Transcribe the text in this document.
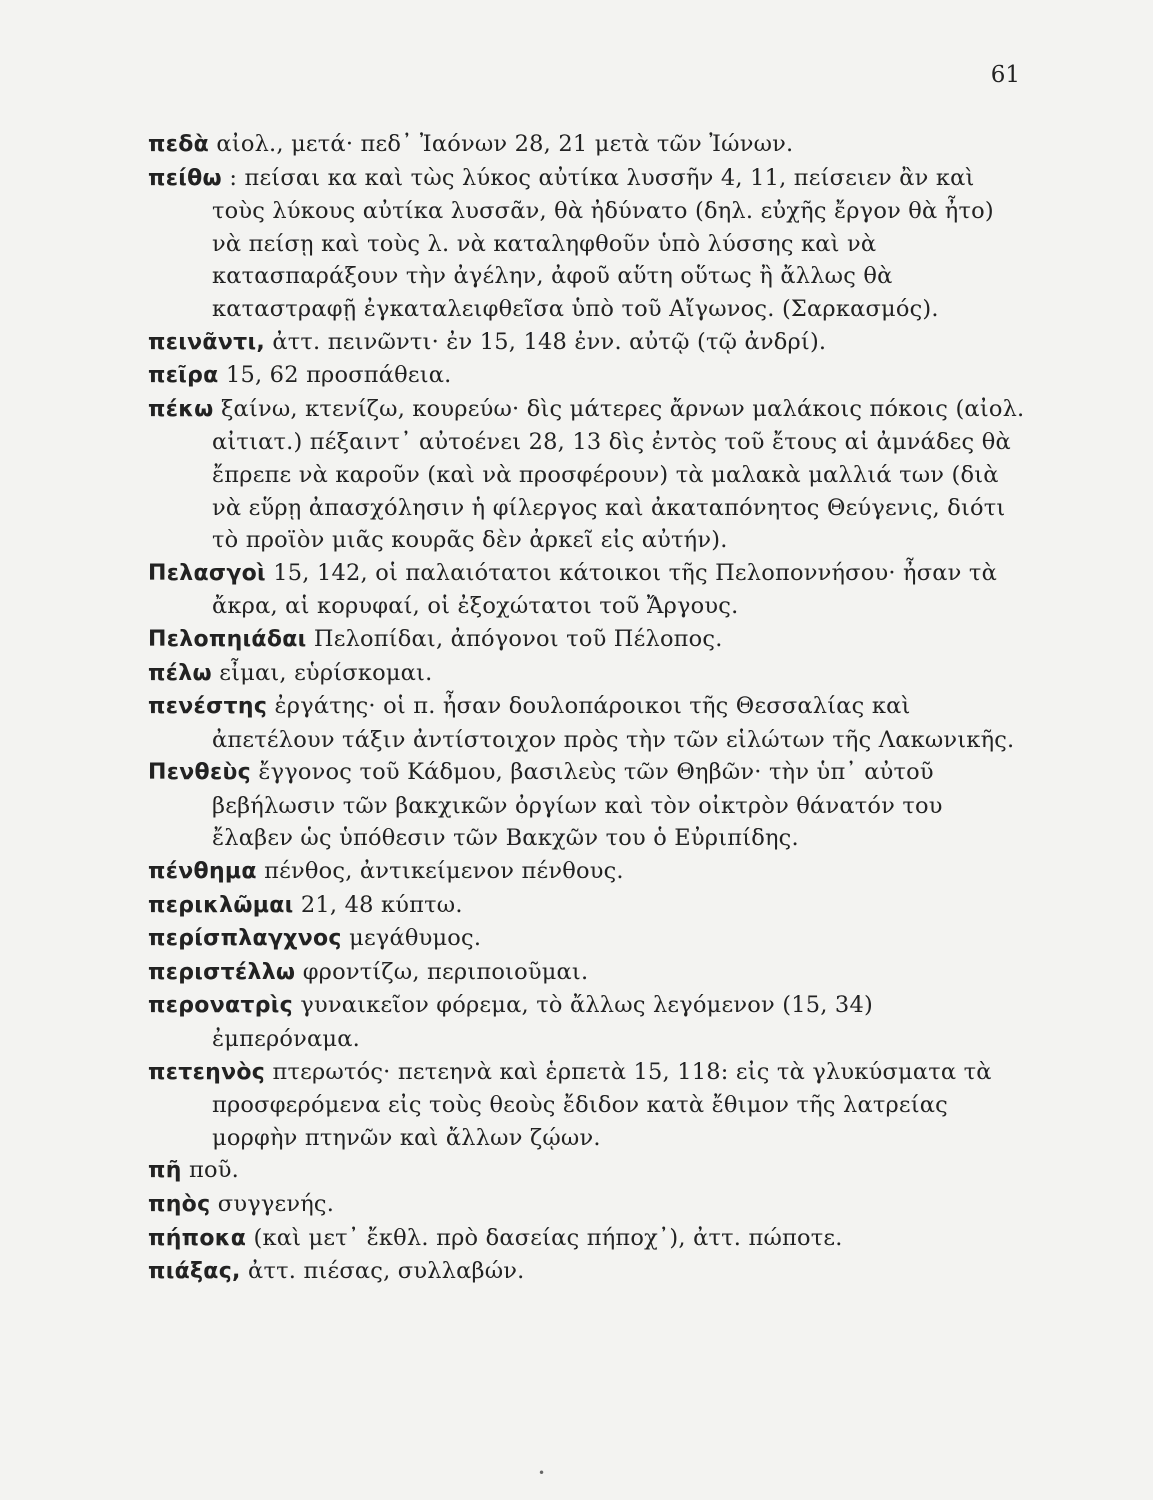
61
πεδὰ αἰολ., μετά· πεδ᾽ Ἰαόνων 28, 21 μετὰ τῶν Ἰώνων.
πείθω : πείσαι κα καὶ τὼς λύκος αὐτίκα λυσσῆν 4, 11, πείσειεν ἂν καὶ τοὺς λύκους αὐτίκα λυσσᾶν, θὰ ἠδύνατο (δηλ. εὐχῆς ἔργον θὰ ἦτο) νὰ πείσῃ καὶ τοὺς λ. νὰ καταληφθοῦν ὑπὸ λύσσης καὶ νὰ κατασπαράξουν τὴν ἀγέλην, ἀφοῦ αὕτη οὕτως ἢ ἄλλως θὰ καταστραφῇ ἐγκαταλειφθεῖσα ὑπὸ τοῦ Αἴγωνος. (Σαρκασμός).
πεινᾶντι, ἀττ. πεινῶντι· ἐν 15, 148 ἐνν. αὐτῷ (τῷ ἀνδρί).
πεῖρα 15, 62 προσπάθεια.
πέκω ξαίνω, κτενίζω, κουρεύω· δὶς μάτερες ἄρνων μαλάκοις πόκοις (αἰολ. αἰτιατ.) πέξαιντ᾽ αὐτοένει 28, 13 δὶς ἐντὸς τοῦ ἔτους αἱ ἀμνάδες θὰ ἔπρεπε νὰ καροῦν (καὶ νὰ προσφέρουν) τὰ μαλακὰ μαλλιά των (διὰ νὰ εὕρῃ ἀπασχόλησιν ἡ φίλεργος καὶ ἀκαταπόνητος Θεύγενις, διότι τὸ προϊὸν μιᾶς κουρᾶς δὲν ἀρκεῖ εἰς αὐτήν).
Πελασγοὶ 15, 142, οἱ παλαιότατοι κάτοικοι τῆς Πελοποννήσου· ἦσαν τὰ ἄκρα, αἱ κορυφαί, οἱ ἐξοχώτατοι τοῦ Ἄργους.
Πελοπηιάδαι Πελοπίδαι, ἀπόγονοι τοῦ Πέλοπος.
πέλω εἶμαι, εὑρίσκομαι.
πενέστης ἐργάτης· οἱ π. ἦσαν δουλοπάροικοι τῆς Θεσσαλίας καὶ ἀπετέλουν τάξιν ἀντίστοιχον πρὸς τὴν τῶν εἱλώτων τῆς Λακωνικῆς.
Πενθεὺς ἔγγονος τοῦ Κάδμου, βασιλεὺς τῶν Θηβῶν· τὴν ὑπ᾽ αὐτοῦ βεβήλωσιν τῶν βακχικῶν ὀργίων καὶ τὸν οἰκτρὸν θάνατόν του ἔλαβεν ὡς ὑπόθεσιν τῶν Βακχῶν του ὁ Εὐριπίδης.
πένθημα πένθος, ἀντικείμενον πένθους.
περικλῶμαι 21, 48 κύπτω.
περίσπλαγχνος μεγάθυμος.
περιστέλλω φροντίζω, περιποιοῦμαι.
περονατρὶς γυναικεῖον φόρεμα, τὸ ἄλλως λεγόμενον (15, 34) ἐμπερόναμα.
πετεηνὸς πτερωτός· πετεηνὰ καὶ ἑρπετὰ 15, 118: εἰς τὰ γλυκύσματα τὰ προσφερόμενα εἰς τοὺς θεοὺς ἔδιδον κατὰ ἔθιμον τῆς λατρείας μορφὴν πτηνῶν καὶ ἄλλων ζῴων.
πῆ ποῦ.
πηὸς συγγενής.
πήποκα (καὶ μετ᾽ ἔκθλ. πρὸ δασείας πήποχ᾽), ἀττ. πώποτε.
πιάξας, ἀττ. πιέσας, συλλαβών.
•
